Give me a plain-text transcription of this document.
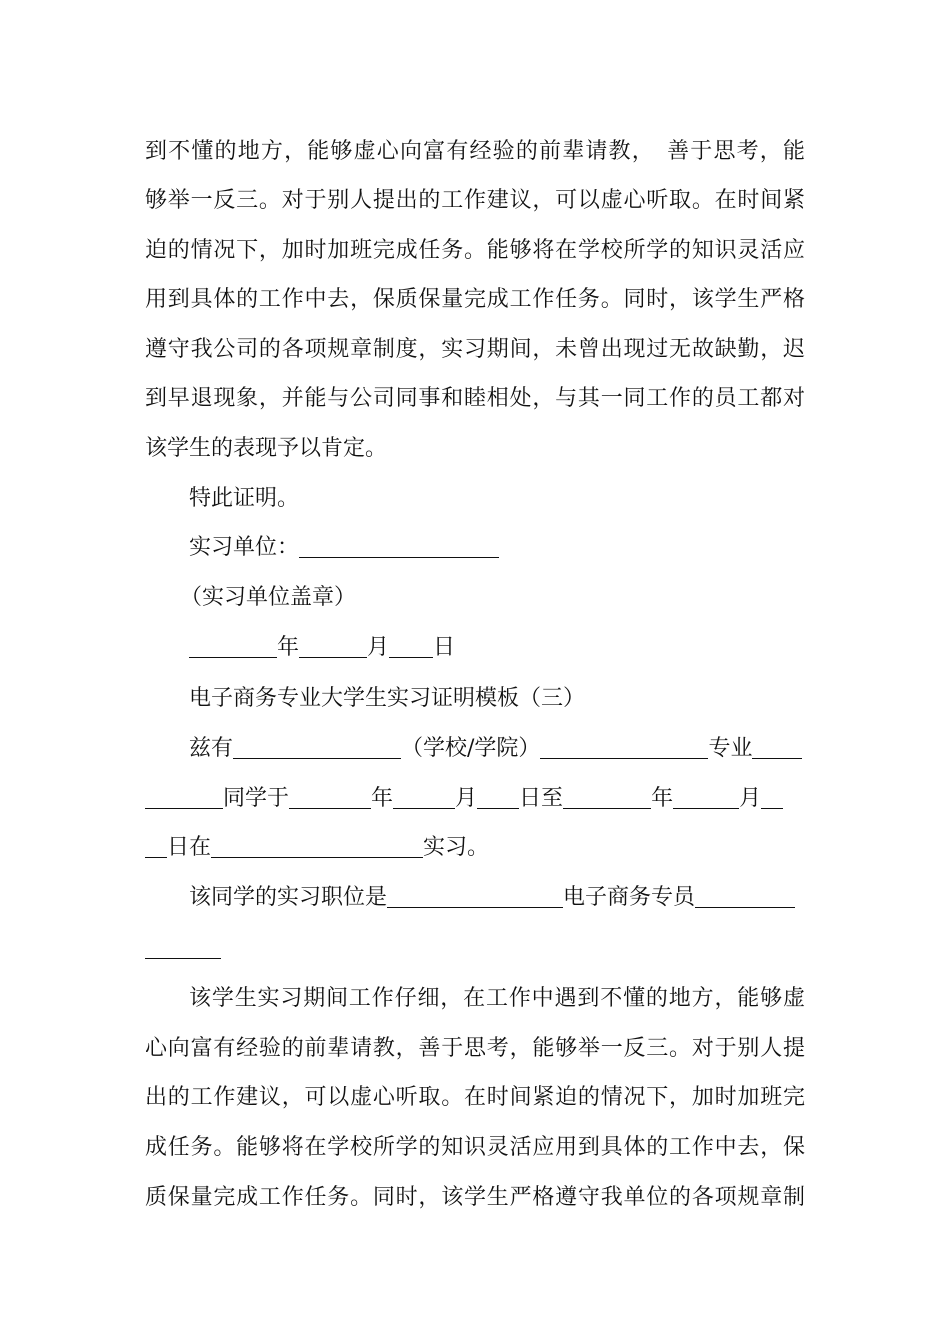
到不懂的地方，能够虚心向富有经验的前辈请教，　善于思考，能
够举一反三。对于别人提出的工作建议，可以虚心听取。在时间紧
迫的情况下，加时加班完成任务。能够将在学校所学的知识灵活应
用到具体的工作中去，保质保量完成工作任务。同时，该学生严格
遵守我公司的各项规章制度，实习期间，未曾出现过无故缺勤，迟
到早退现象，并能与公司同事和睦相处，与其一同工作的员工都对
该学生的表现予以肯定。
特此证明。
实习单位：
（实习单位盖章）
年	月 日
电子商务专业大学生实习证明模板（三）
兹有	（学校/学院）	专业
同学于	年	月 日至	年	月
日在	实习。
该同学的实习职位是	电子商务专员
该学生实习期间工作仔细，在工作中遇到不懂的地方，能够虚
心向富有经验的前辈请教，善于思考，能够举一反三。对于别人提
出的工作建议，可以虚心听取。在时间紧迫的情况下，加时加班完
成任务。能够将在学校所学的知识灵活应用到具体的工作中去，保
质保量完成工作任务。同时，该学生严格遵守我单位的各项规章制
